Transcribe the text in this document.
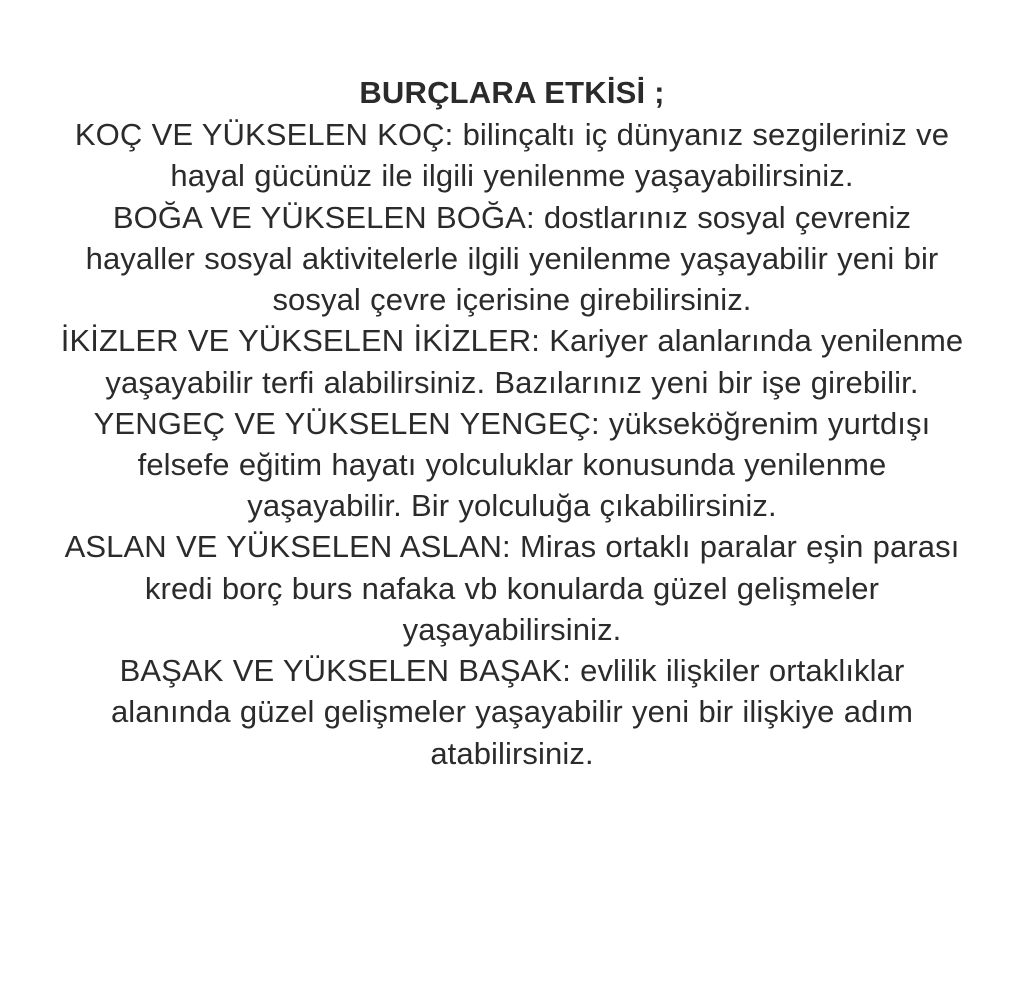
BURÇLARA ETKİSİ ;

KOÇ VE YÜKSELEN KOÇ: bilinçaltı iç dünyanız sezgileriniz ve hayal gücünüz ile ilgili yenilenme yaşayabilirsiniz.

BOĞA VE YÜKSELEN BOĞA: dostlarınız sosyal çevreniz hayaller sosyal aktivitelerle ilgili yenilenme yaşayabilir yeni bir sosyal çevre içerisine girebilirsiniz.

İKİZLER VE YÜKSELEN İKİZLER: Kariyer alanlarında yenilenme yaşayabilir terfi alabilirsiniz. Bazılarınız yeni bir işe girebilir.

YENGEÇ VE YÜKSELEN YENGEÇ: yükseköğrenim yurtdışı felsefe eğitim hayatı yolculuklar konusunda yenilenme yaşayabilir. Bir yolculuğa çıkabilirsiniz.

ASLAN VE YÜKSELEN ASLAN: Miras ortaklı paralar eşin parası kredi borç burs nafaka vb konularda güzel gelişmeler yaşayabilirsiniz.

BAŞAK VE YÜKSELEN BAŞAK: evlilik ilişkiler ortaklıklar alanında güzel gelişmeler yaşayabilir yeni bir ilişkiye adım atabilirsiniz.
